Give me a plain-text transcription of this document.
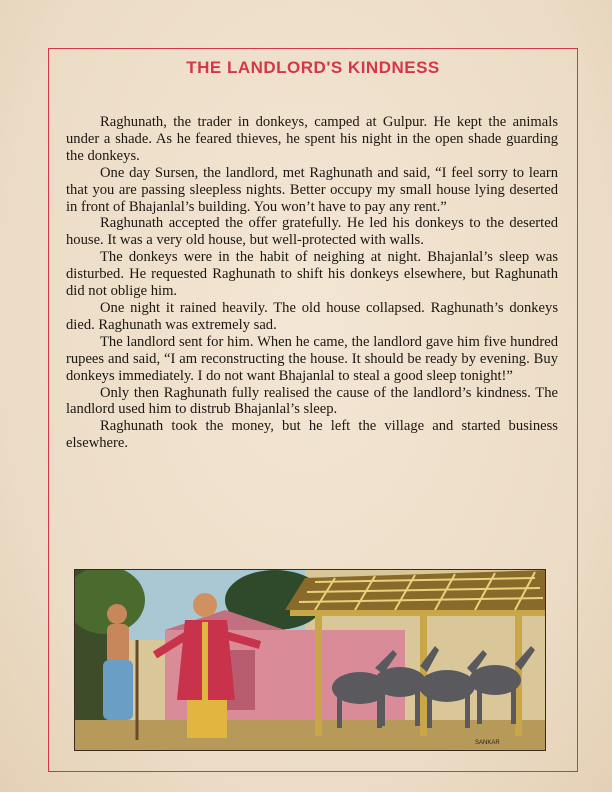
THE LANDLORD'S KINDNESS

Raghunath, the trader in donkeys, camped at Gulpur. He kept the animals under a shade. As he feared thieves, he spent his night in the open shade guarding the donkeys.

One day Sursen, the landlord, met Raghunath and said, “I feel sorry to learn that you are passing sleepless nights. Better occupy my small house lying deserted in front of Bhajanlal’s building. You won’t have to pay any rent.”

Raghunath accepted the offer gratefully. He led his donkeys to the deserted house. It was a very old house, but well-protected with walls.

The donkeys were in the habit of neighing at night. Bhajanlal’s sleep was disturbed. He requested Raghunath to shift his donkeys elsewhere, but Raghunath did not oblige him.

One night it rained heavily. The old house collapsed. Raghunath’s donkeys died. Raghunath was extremely sad.

The landlord sent for him. When he came, the landlord gave him five hundred rupees and said, “I am reconstructing the house. It should be ready by evening. Buy donkeys immediately. I do not want Bhajanlal to steal a good sleep tonight!”

Only then Raghunath fully realised the cause of the landlord’s kindness. The landlord used him to distrub Bhajanlal’s sleep.

Raghunath took the money, but he left the village and started business elsewhere.

SANKAR
